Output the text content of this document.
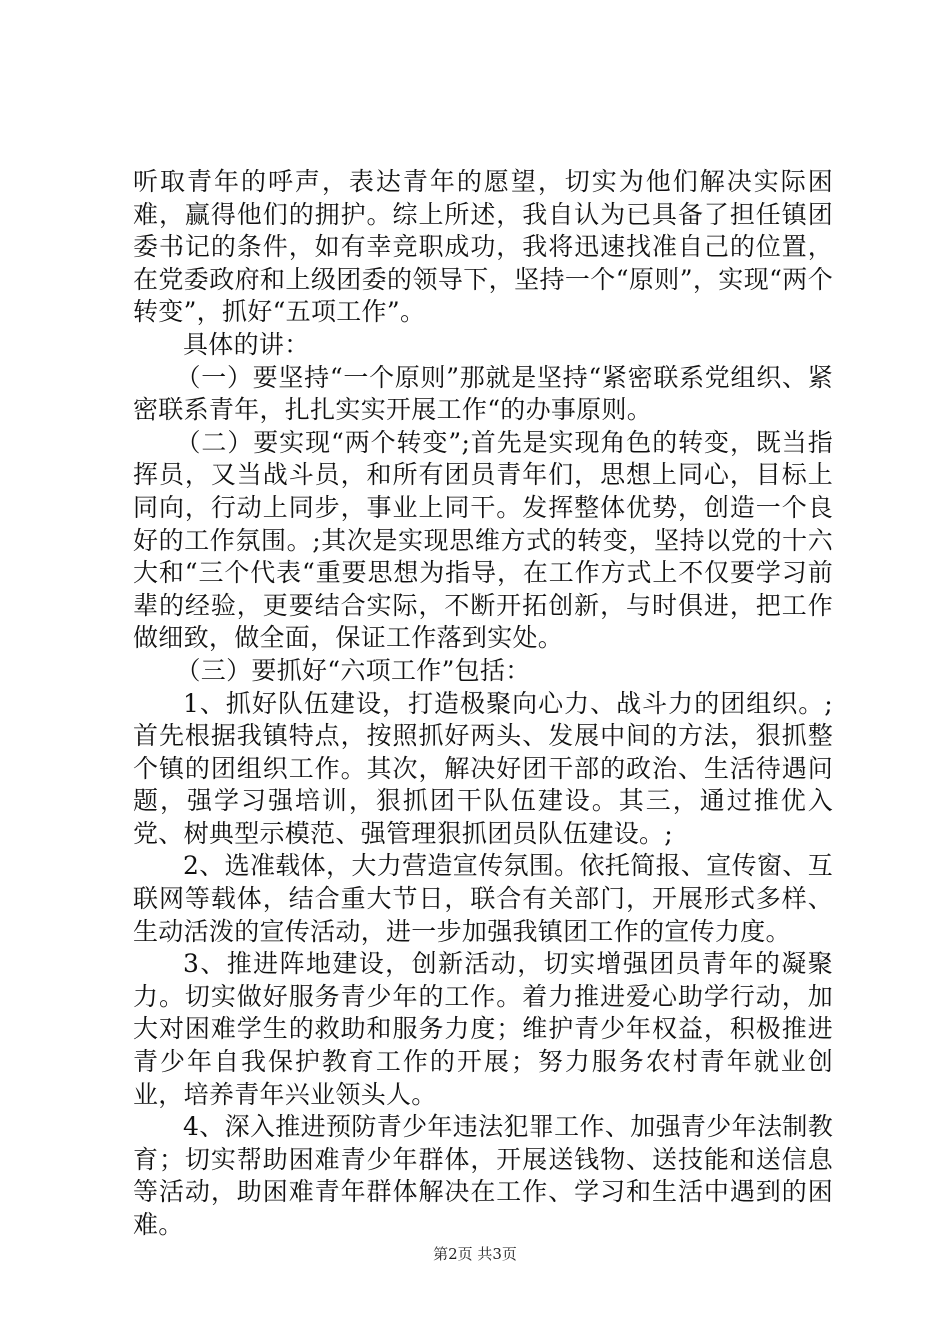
听取青年的呼声，表达青年的愿望，切实为他们解决实际困难，赢得他们的拥护。综上所述，我自认为已具备了担任镇团委书记的条件，如有幸竞职成功，我将迅速找准自己的位置，在党委政府和上级团委的领导下，坚持一个“原则”，实现“两个转变”，抓好“五项工作”。

具体的讲：

（一）要坚持“一个原则”那就是坚持“紧密联系党组织、紧密联系青年，扎扎实实开展工作“的办事原则。

（二）要实现“两个转变”;首先是实现角色的转变，既当指挥员，又当战斗员，和所有团员青年们，思想上同心，目标上同向，行动上同步，事业上同干。发挥整体优势，创造一个良好的工作氛围。;其次是实现思维方式的转变，坚持以党的十六大和“三个代表“重要思想为指导，在工作方式上不仅要学习前辈的经验，更要结合实际，不断开拓创新，与时俱进，把工作做细致，做全面，保证工作落到实处。

（三）要抓好“六项工作”包括：

1、抓好队伍建设，打造极聚向心力、战斗力的团组织。;首先根据我镇特点，按照抓好两头、发展中间的方法，狠抓整个镇的团组织工作。其次，解决好团干部的政治、生活待遇问题，强学习强培训，狠抓团干队伍建设。其三，通过推优入党、树典型示模范、强管理狠抓团员队伍建设。;

2、选准载体，大力营造宣传氛围。依托简报、宣传窗、互联网等载体，结合重大节日，联合有关部门，开展形式多样、生动活泼的宣传活动，进一步加强我镇团工作的宣传力度。

3、推进阵地建设，创新活动，切实增强团员青年的凝聚力。切实做好服务青少年的工作。着力推进爱心助学行动，加大对困难学生的救助和服务力度；维护青少年权益，积极推进青少年自我保护教育工作的开展；努力服务农村青年就业创业，培养青年兴业领头人。

4、深入推进预防青少年违法犯罪工作、加强青少年法制教育；切实帮助困难青少年群体，开展送钱物、送技能和送信息等活动，助困难青年群体解决在工作、学习和生活中遇到的困难。

第2页 共3页
